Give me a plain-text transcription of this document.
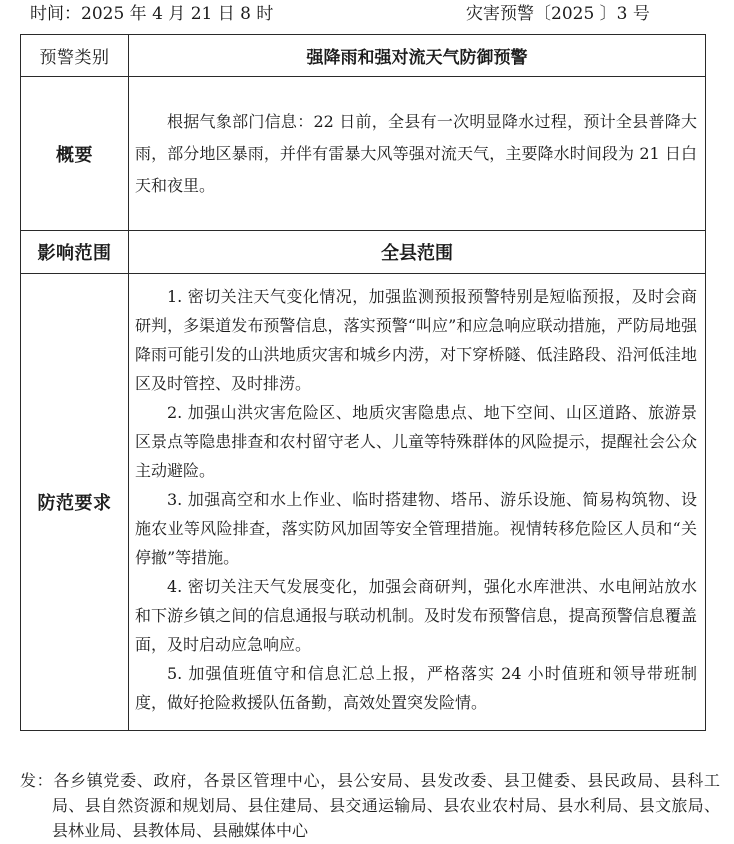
时间：2025 年 4 月 21 日 8 时	灾害预警〔2025 〕3 号
预警类别	强降雨和强对流天气防御预警
概要	根据气象部门信息：22 日前，全县有一次明显降水过程，预计全县普降大雨，部分地区暴雨，并伴有雷暴大风等强对流天气，主要降水时间段为 21 日白天和夜里。

影响范围	全县范围
防范要求	1. 密切关注天气变化情况，加强监测预报预警特别是短临预报，及时会商研判，多渠道发布预警信息，落实预警“叫应”和应急响应联动措施，严防局地强降雨可能引发的山洪地质灾害和城乡内涝，对下穿桥隧、低洼路段、沿河低洼地区及时管控、及时排涝。

2. 加强山洪灾害危险区、地质灾害隐患点、地下空间、山区道路、旅游景区景点等隐患排查和农村留守老人、儿童等特殊群体的风险提示，提醒社会公众主动避险。

3. 加强高空和水上作业、临时搭建物、塔吊、游乐设施、简易构筑物、设施农业等风险排查，落实防风加固等安全管理措施。视情转移危险区人员和“关停撤”等措施。

4. 密切关注天气发展变化，加强会商研判，强化水库泄洪、水电闸站放水和下游乡镇之间的信息通报与联动机制。及时发布预警信息，提高预警信息覆盖面，及时启动应急响应。

5. 加强值班值守和信息汇总上报，严格落实 24 小时值班和领导带班制度，做好抢险救援队伍备勤，高效处置突发险情。

发：各乡镇党委、政府，各景区管理中心，县公安局、县发改委、县卫健委、县民政局、县科工局、县自然资源和规划局、县住建局、县交通运输局、县农业农村局、县水利局、县文旅局、县林业局、县教体局、县融媒体中心
